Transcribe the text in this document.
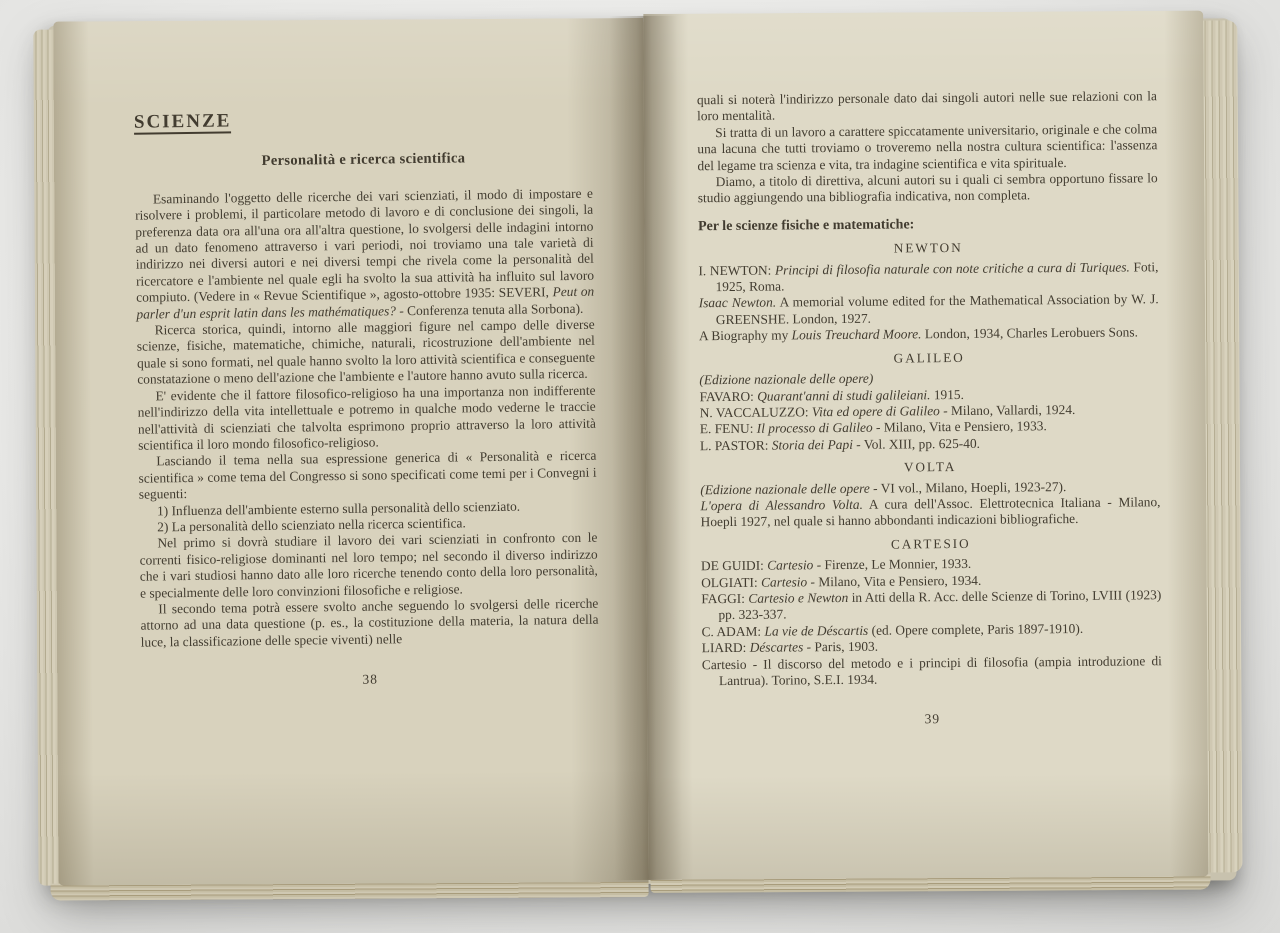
SCIENZE
Personalità e ricerca scientifica

Esaminando l'oggetto delle ricerche dei vari scienziati, il modo di impostare e risolvere i problemi, il particolare metodo di lavoro e di conclusione dei singoli, la preferenza data ora all'una ora all'altra questione, lo svolgersi delle indagini intorno ad un dato fenomeno attraverso i vari periodi, noi troviamo una tale varietà di indirizzo nei diversi autori e nei diversi tempi che rivela come la personalità del ricercatore e l'ambiente nel quale egli ha svolto la sua attività ha influito sul lavoro compiuto. (Vedere in « Revue Scientifique », agosto-ottobre 1935: SEVERI, Peut on parler d'un esprit latin dans les mathématiques? - Conferenza tenuta alla Sorbona).

Ricerca storica, quindi, intorno alle maggiori figure nel campo delle diverse scienze, fisiche, matematiche, chimiche, naturali, ricostruzione dell'ambiente nel quale si sono formati, nel quale hanno svolto la loro attività scientifica e conseguente constatazione o meno dell'azione che l'ambiente e l'autore hanno avuto sulla ricerca.

E' evidente che il fattore filosofico-religioso ha una importanza non indifferente nell'indirizzo della vita intellettuale e potremo in qualche modo vederne le traccie nell'attività di scienziati che talvolta esprimono proprio attraverso la loro attività scientifica il loro mondo filosofico-religioso.

Lasciando il tema nella sua espressione generica di « Personalità e ricerca scientifica » come tema del Congresso si sono specificati come temi per i Convegni i seguenti:

1) Influenza dell'ambiente esterno sulla personalità dello scienziato.

2) La personalità dello scienziato nella ricerca scientifica.

Nel primo si dovrà studiare il lavoro dei vari scienziati in confronto con le correnti fisico-religiose dominanti nel loro tempo; nel secondo il diverso indirizzo che i vari studiosi hanno dato alle loro ricerche tenendo conto della loro personalità, e specialmente delle loro convinzioni filosofiche e religiose.

Il secondo tema potrà essere svolto anche seguendo lo svolgersi delle ricerche attorno ad una data questione (p. es., la costituzione della materia, la natura della luce, la classificazione delle specie viventi) nelle

38

quali si noterà l'indirizzo personale dato dai singoli autori nelle sue relazioni con la loro mentalità.

Si tratta di un lavoro a carattere spiccatamente universitario, originale e che colma una lacuna che tutti troviamo o troveremo nella nostra cultura scientifica: l'assenza del legame tra scienza e vita, tra indagine scientifica e vita spirituale.

Diamo, a titolo di direttiva, alcuni autori su i quali ci sembra opportuno fissare lo studio aggiungendo una bibliografia indicativa, non completa.

Per le scienze fisiche e matematiche:
NEWTON
I. NEWTON: Principi di filosofia naturale con note critiche a cura di Turiques. Foti, 1925, Roma.
Isaac Newton. A memorial volume edited for the Mathematical Association by W. J. GREENSHE. London, 1927.
A Biography my Louis Treuchard Moore. London, 1934, Charles Lerobuers Sons.
GALILEO
(Edizione nazionale delle opere)
FAVARO: Quarant'anni di studi galileiani. 1915.
N. VACCALUZZO: Vita ed opere di Galileo - Milano, Vallardi, 1924.
E. FENU: Il processo di Galileo - Milano, Vita e Pensiero, 1933.
L. PASTOR: Storia dei Papi - Vol. XIII, pp. 625-40.
VOLTA
(Edizione nazionale delle opere - VI vol., Milano, Hoepli, 1923-27).
L'opera di Alessandro Volta. A cura dell'Assoc. Elettrotecnica Italiana - Milano, Hoepli 1927, nel quale si hanno abbondanti indicazioni bibliografiche.
CARTESIO
DE GUIDI: Cartesio - Firenze, Le Monnier, 1933.
OLGIATI: Cartesio - Milano, Vita e Pensiero, 1934.
FAGGI: Cartesio e Newton in Atti della R. Acc. delle Scienze di Torino, LVIII (1923) pp. 323-337.
C. ADAM: La vie de Déscartis (ed. Opere complete, Paris 1897-1910).
LIARD: Déscartes - Paris, 1903.
Cartesio - Il discorso del metodo e i principi di filosofia (ampia introduzione di Lantrua). Torino, S.E.I. 1934.
39
